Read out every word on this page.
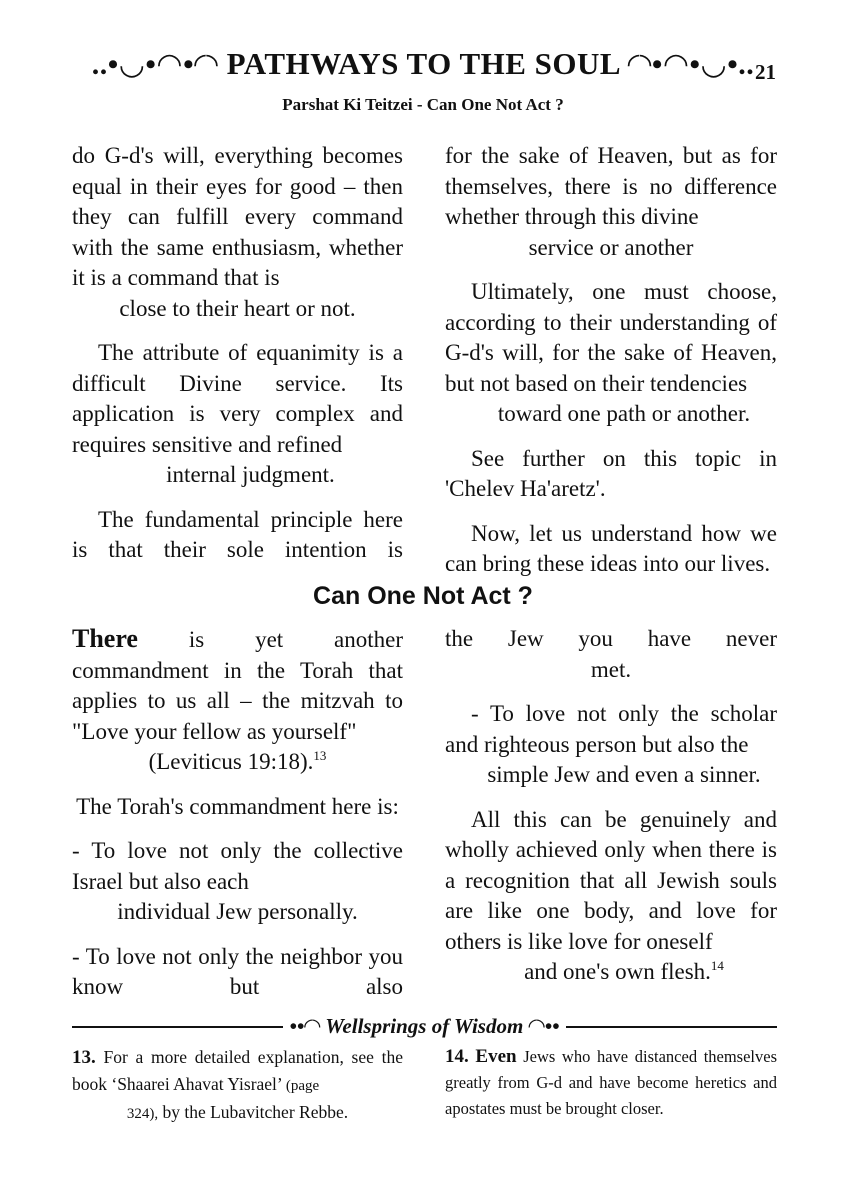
..•◡•◠•◜◝ PATHWAYS TO THE SOUL ◜◝•◠•◡•.. 21
Parshat Ki Teitzei - Can One Not Act ?

do G-d's will, everything becomes equal in their eyes for good – then they can fulfill every command with the same enthusiasm, whether it is a command that is
close to their heart or not.

The attribute of equanimity is a difficult Divine service. Its application is very complex and requires sensitive and refined
internal judgment.

The fundamental principle here is that their sole intention is

for the sake of Heaven, but as for themselves, there is no difference whether through this divine
service or another

Ultimately, one must choose, according to their understanding of G-d's will, for the sake of Heaven, but not based on their tendencies
toward one path or another.

See further on this topic in 'Chelev Ha'aretz'.

Now, let us understand how we can bring these ideas into our lives.

Can One Not Act ?

There is yet another commandment in the Torah that applies to us all – the mitzvah to "Love your fellow as yourself"
(Leviticus 19:18).$^{13}$

The Torah's commandment here is:

- To love not only the collective Israel but also each
individual Jew personally.

- To love not only the neighbor you know but also

the Jew you have never

met.

- To love not only the scholar and righteous person but also the
simple Jew and even a sinner.

All this can be genuinely and wholly achieved only when there is a recognition that all Jewish souls are like one body, and love for others is like love for oneself
and one's own flesh.$^{14}$

••◜◝ Wellsprings of Wisdom ◜◝••

13. For a more detailed explanation, see the book ‘Shaarei Ahavat Yisrael’ (page
324), by the Lubavitcher Rebbe.

14. Even Jews who have distanced themselves greatly from G-d and have become heretics and apostates must be brought closer.
